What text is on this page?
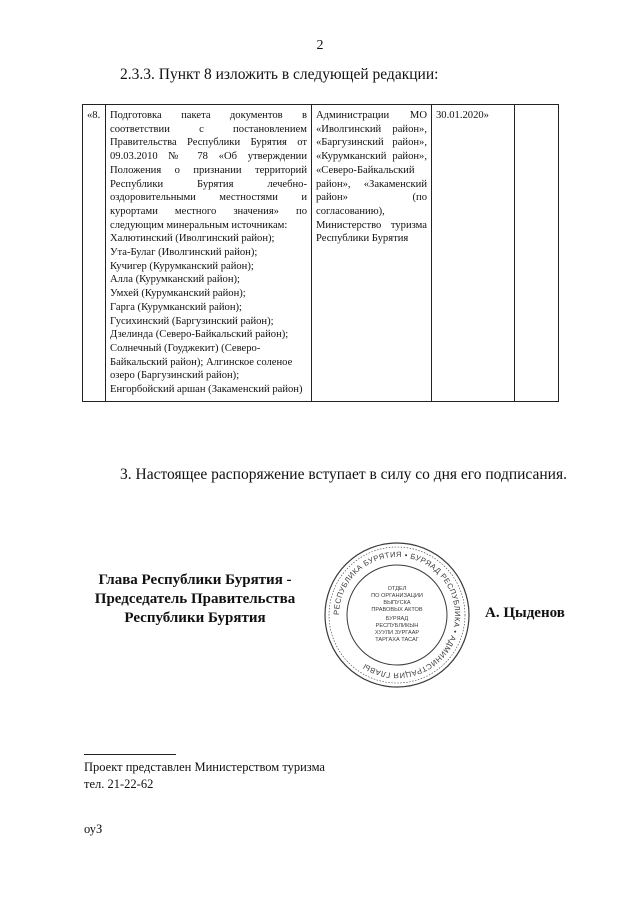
2
2.3.3. Пункт 8 изложить в следующей редакции:
«8.	Подготовка пакета документов в соответствии с постановлением Правительства Республики Бурятия от 09.03.2010 № 78 «Об утверждении Положения о признании территорий Республики Бурятия лечебно-оздоровительными местностями и курортами местного значения» по следующим минеральным источникам:
Халютинский (Иволгинский район);
Ута-Булаг (Иволгинский район);
Кучигер (Курумканский район);
Алла (Курумканский район);
Умхей (Курумканский район);
Гарга (Курумканский район);
Гусихинский (Баргузинский район);
Дзелинда (Северо-Байкальский район);
Солнечный (Гоуджекит) (Северо-Байкальский район); Алгинское соленое озеро (Баргузинский район);
Енгорбойский аршан (Закаменский район)
	Администрации МО «Иволгинский район», «Баргузинский район», «Курумканский район», «Северо-Байкальский район», «Закаменский район» (по согласованию), Министерство туризма Республики Бурятия	30.01.2020»	
3. Настоящее распоряжение вступает в силу со дня его подписания.
Глава Республики Бурятия -
Председатель Правительства
Республики Бурятия	РЕСПУБЛИКА БУРЯТИЯ • БУРЯАД РЕСПУБЛИКА • АДМИНИСТРАЦИЯ ГЛАВЫ
ОТДЕЛ
ПО ОРГАНИЗАЦИИ
ВЫПУСКА
ПРАВОВЫХ АКТОВ
БУРЯАД
РЕСПУБЛИКЫН
ХУУЛИ ЗУРГААР
ТАРГАХА ТАСАГ
А. Цыденов
Проект представлен Министерством туризма
тел. 21-22-62
оуЗ
